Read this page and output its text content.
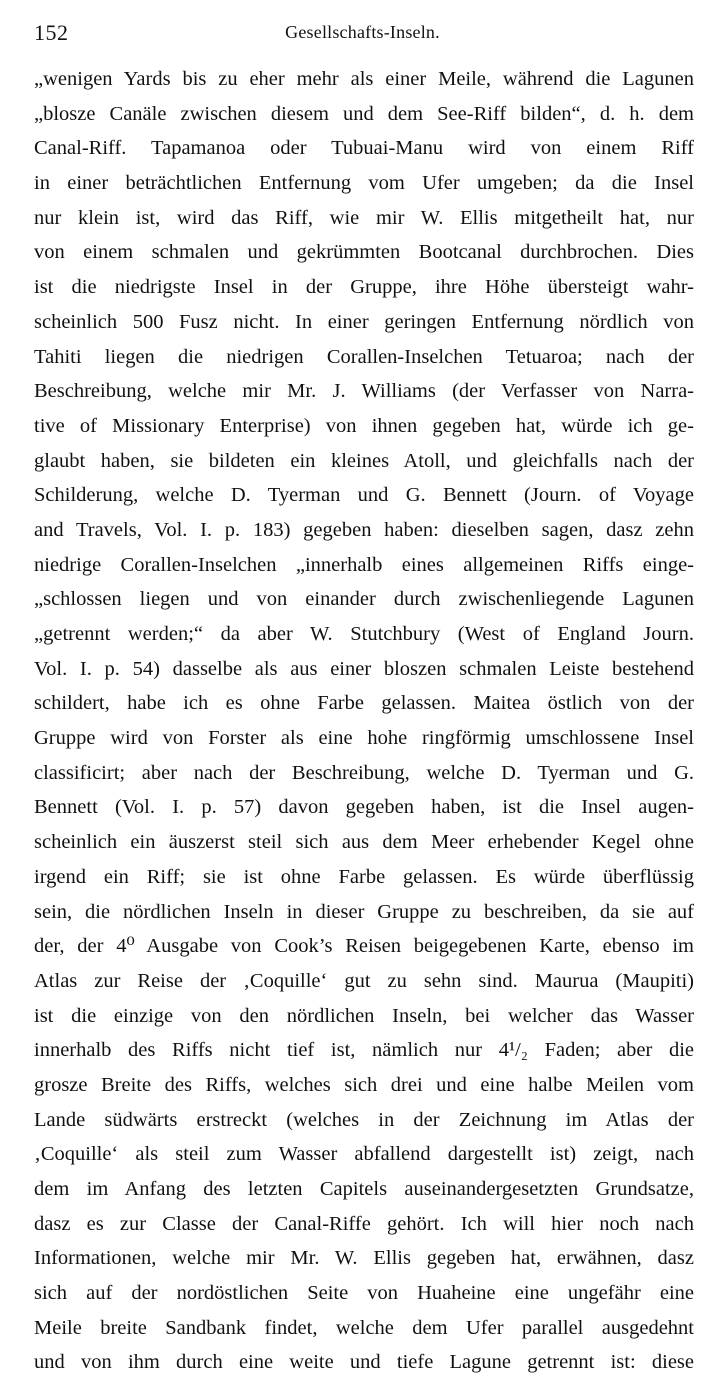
152	Gesellschafts-Inseln.
„wenigen Yards bis zu eher mehr als einer Meile, während die Lagunen
„blosze Canäle zwischen diesem und dem See-Riff bilden“, d. h. dem
Canal-Riff. Tapamanoa oder Tubuai-Manu wird von einem Riff
in einer beträchtlichen Entfernung vom Ufer umgeben; da die Insel
nur klein ist, wird das Riff, wie mir W. Ellis mitgetheilt hat, nur
von einem schmalen und gekrümmten Bootcanal durchbrochen. Dies
ist die niedrigste Insel in der Gruppe, ihre Höhe übersteigt wahr-
scheinlich 500 Fusz nicht. In einer geringen Entfernung nördlich von
Tahiti liegen die niedrigen Corallen-Inselchen Tetuaroa; nach der
Beschreibung, welche mir Mr. J. Williams (der Verfasser von Narra-
tive of Missionary Enterprise) von ihnen gegeben hat, würde ich ge-
glaubt haben, sie bildeten ein kleines Atoll, und gleichfalls nach der
Schilderung, welche D. Tyerman und G. Bennett (Journ. of Voyage
and Travels, Vol. I. p. 183) gegeben haben: dieselben sagen, dasz zehn
niedrige Corallen-Inselchen „innerhalb eines allgemeinen Riffs einge-
„schlossen liegen und von einander durch zwischenliegende Lagunen
„getrennt werden;“ da aber W. Stutchbury (West of England Journ.
Vol. I. p. 54) dasselbe als aus einer bloszen schmalen Leiste bestehend
schildert, habe ich es ohne Farbe gelassen. Maitea östlich von der
Gruppe wird von Forster als eine hohe ringförmig umschlossene Insel
classificirt; aber nach der Beschreibung, welche D. Tyerman und G.
Bennett (Vol. I. p. 57) davon gegeben haben, ist die Insel augen-
scheinlich ein äuszerst steil sich aus dem Meer erhebender Kegel ohne
irgend ein Riff; sie ist ohne Farbe gelassen. Es würde überflüssig
sein, die nördlichen Inseln in dieser Gruppe zu beschreiben, da sie auf
der, der 4⁰ Ausgabe von Cook’s Reisen beigegebenen Karte, ebenso im
Atlas zur Reise der ‚Coquille‘ gut zu sehn sind. Maurua (Maupiti)
ist die einzige von den nördlichen Inseln, bei welcher das Wasser
innerhalb des Riffs nicht tief ist, nämlich nur 4¹/₂ Faden; aber die
grosze Breite des Riffs, welches sich drei und eine halbe Meilen vom
Lande südwärts erstreckt (welches in der Zeichnung im Atlas der
‚Coquille‘ als steil zum Wasser abfallend dargestellt ist) zeigt, nach
dem im Anfang des letzten Capitels auseinandergesetzten Grundsatze,
dasz es zur Classe der Canal-Riffe gehört. Ich will hier noch nach
Informationen, welche mir Mr. W. Ellis gegeben hat, erwähnen, dasz
sich auf der nordöstlichen Seite von Huaheine eine ungefähr eine
Meile breite Sandbank findet, welche dem Ufer parallel ausgedehnt
und von ihm durch eine weite und tiefe Lagune getrennt ist: diese
